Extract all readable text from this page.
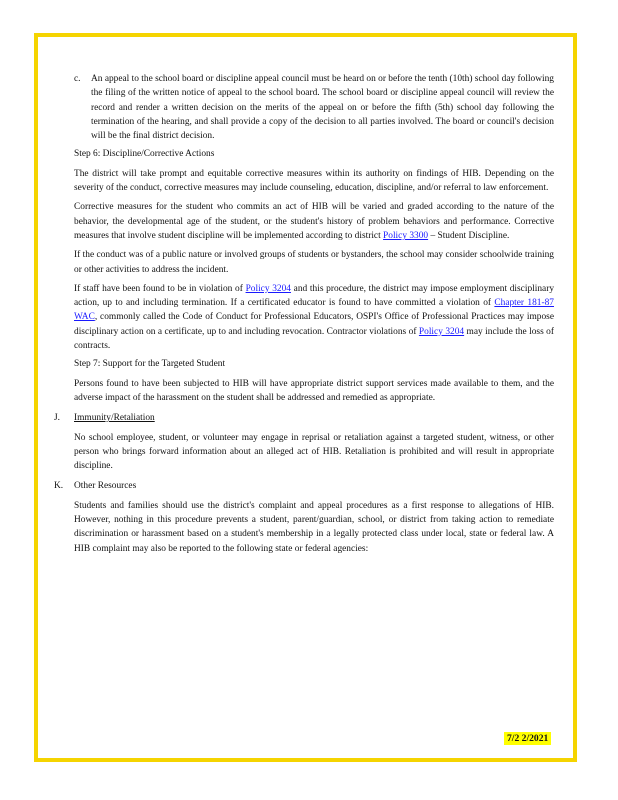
c.	An appeal to the school board or discipline appeal council must be heard on or before the tenth (10th) school day following the filing of the written notice of appeal to the school board. The school board or discipline appeal council will review the record and render a written decision on the merits of the appeal on or before the fifth (5th) school day following the termination of the hearing, and shall provide a copy of the decision to all parties involved. The board or council's decision will be the final district decision.

Step 6: Discipline/Corrective Actions

The district will take prompt and equitable corrective measures within its authority on findings of HIB. Depending on the severity of the conduct, corrective measures may include counseling, education, discipline, and/or referral to law enforcement.

Corrective measures for the student who commits an act of HIB will be varied and graded according to the nature of the behavior, the developmental age of the student, or the student's history of problem behaviors and performance. Corrective measures that involve student discipline will be implemented according to district Policy 3300 – Student Discipline.

If the conduct was of a public nature or involved groups of students or bystanders, the school may consider schoolwide training or other activities to address the incident.

If staff have been found to be in violation of Policy 3204 and this procedure, the district may impose employment disciplinary action, up to and including termination. If a certificated educator is found to have committed a violation of Chapter 181-87 WAC, commonly called the Code of Conduct for Professional Educators, OSPI's Office of Professional Practices may impose disciplinary action on a certificate, up to and including revocation. Contractor violations of Policy 3204 may include the loss of contracts.

Step 7: Support for the Targeted Student

Persons found to have been subjected to HIB will have appropriate district support services made available to them, and the adverse impact of the harassment on the student shall be addressed and remedied as appropriate.

J.	Immunity/Retaliation

No school employee, student, or volunteer may engage in reprisal or retaliation against a targeted student, witness, or other person who brings forward information about an alleged act of HIB. Retaliation is prohibited and will result in appropriate discipline.

K.	Other Resources

Students and families should use the district's complaint and appeal procedures as a first response to allegations of HIB. However, nothing in this procedure prevents a student, parent/guardian, school, or district from taking action to remediate discrimination or harassment based on a student's membership in a legally protected class under local, state or federal law. A HIB complaint may also be reported to the following state or federal agencies:

7/2 2/2021
